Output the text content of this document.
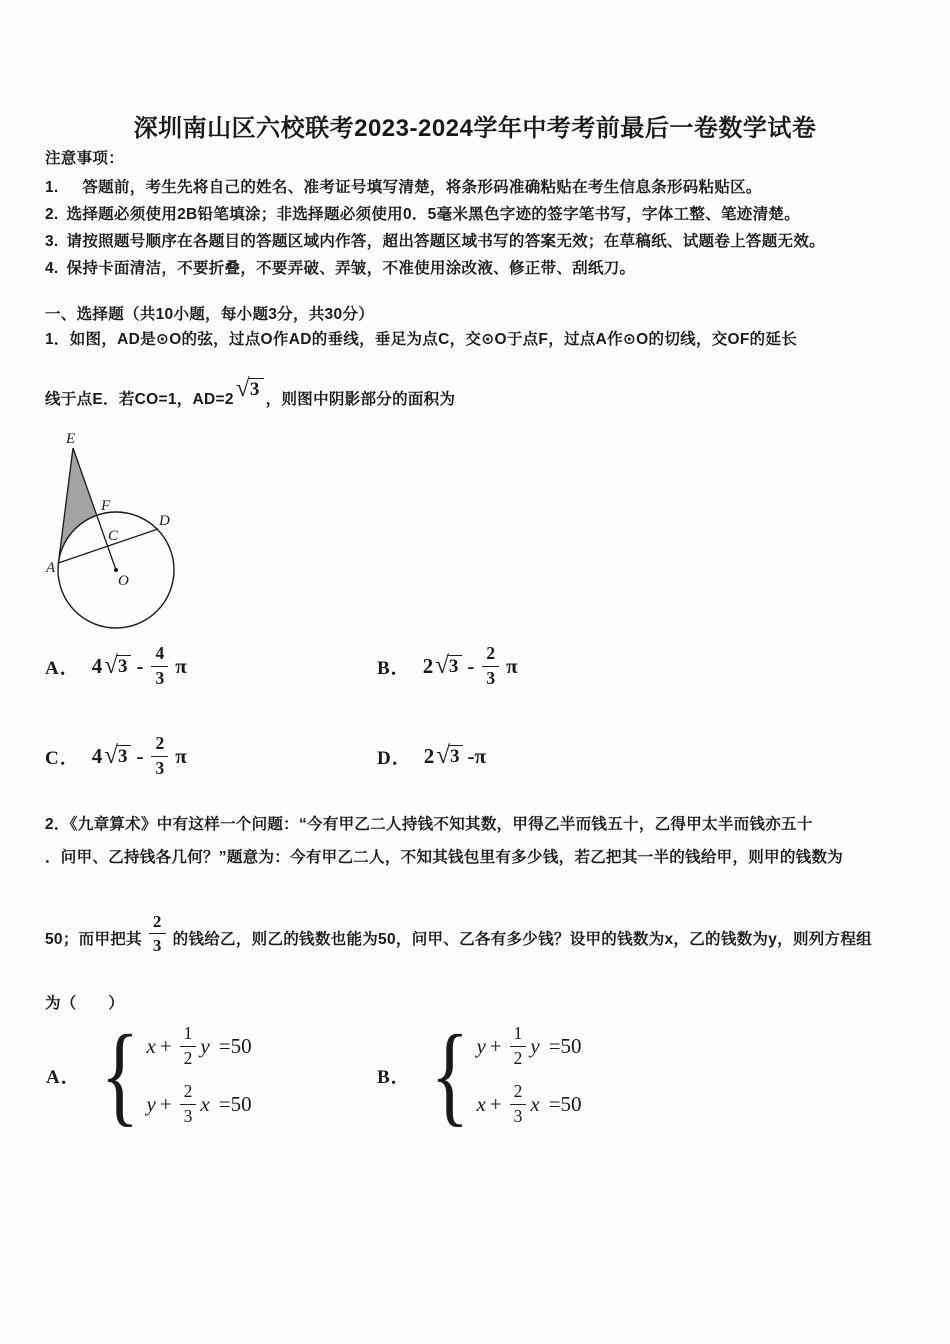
深圳南山区六校联考2023-2024学年中考考前最后一卷数学试卷
注意事项：
1. 　答题前，考生先将自己的姓名、准考证号填写清楚，将条形码准确粘贴在考生信息条形码粘贴区。
2. 选择题必须使用2B铅笔填涂；非选择题必须使用0．5毫米黑色字迹的签字笔书写，字体工整、笔迹清楚。
3. 请按照题号顺序在各题目的答题区域内作答，超出答题区域书写的答案无效；在草稿纸、试题卷上答题无效。
4. 保持卡面清洁，不要折叠，不要弄破、弄皱，不准使用涂改液、修正带、刮纸刀。
一、选择题（共10小题，每小题3分，共30分）
1．如图，AD是⊙O的弦，过点O作AD的垂线，垂足为点C，交⊙O于点F，过点A作⊙O的切线，交OF的延长
线于点E．若CO=1，AD=2 √ 3 ，则图中阴影部分的面积为
E
F
C
D
A
O
A． 4 √ $3 - \frac{4}{3}$ π	B． 2 √ $3 - \frac{2}{3}$ π
C． 4 √ $3 - \frac{2}{3}$ π	D． 2 √ 3 -π
2．《九章算术》中有这样一个问题：“今有甲乙二人持钱不知其数，甲得乙半而钱五十，乙得甲太半而钱亦五十
．问甲、乙持钱各几何？”题意为：今有甲乙二人，不知其钱包里有多少钱，若乙把其一半的钱给甲，则甲的钱数为
50；而甲把其 $\frac{2}{3}$ 的钱给乙，则乙的钱数也能为50，问甲、乙各有多少钱？设甲的钱数为x，乙的钱数为y，则列方程组
为（　　）
A． { $x + \frac{1}{2}$ y =50
$y + \frac{2}{3}$ x =50
B． { $y + \frac{1}{2}$ y =50
$x + \frac{2}{3}$ x =50
